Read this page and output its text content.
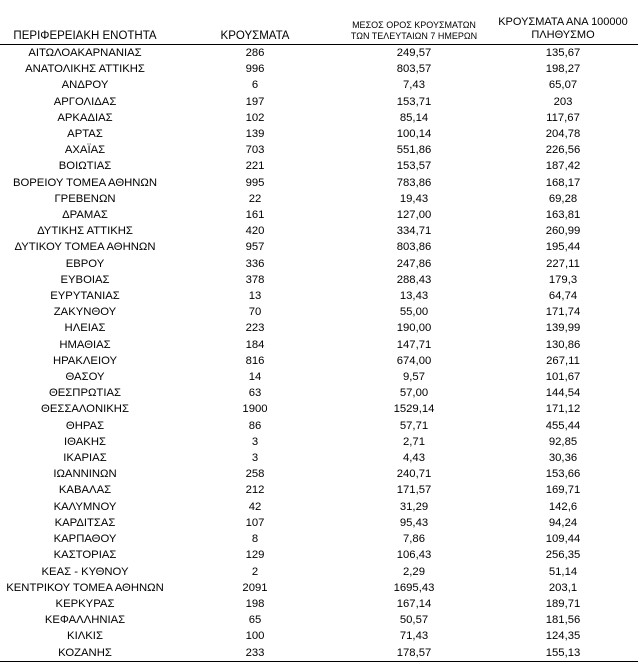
ΠΕΡΙΦΕΡΕΙΑΚΗ ΕΝΟΤΗΤΑ	ΚΡΟΥΣΜΑΤΑ	ΜΕΣΟΣ ΟΡΟΣ ΚΡΟΥΣΜΑΤΩΝ
ΤΩΝ ΤΕΛΕΥΤΑΙΩΝ 7 ΗΜΕΡΩΝ	ΚΡΟΥΣΜΑΤΑ ΑΝΑ 100000
ΠΛΗΘΥΣΜΟ

ΑΙΤΩΛΟΑΚΑΡΝΑΝΙΑΣ	286	249,57	135,67
ΑΝΑΤΟΛΙΚΗΣ ΑΤΤΙΚΗΣ	996	803,57	198,27
ΑΝΔΡΟΥ	6	7,43	65,07
ΑΡΓΟΛΙΔΑΣ	197	153,71	203
ΑΡΚΑΔΙΑΣ	102	85,14	117,67
ΑΡΤΑΣ	139	100,14	204,78
ΑΧΑΪΑΣ	703	551,86	226,56
ΒΟΙΩΤΙΑΣ	221	153,57	187,42
ΒΟΡΕΙΟΥ ΤΟΜΕΑ ΑΘΗΝΩΝ	995	783,86	168,17
ΓΡΕΒΕΝΩΝ	22	19,43	69,28
ΔΡΑΜΑΣ	161	127,00	163,81
ΔΥΤΙΚΗΣ ΑΤΤΙΚΗΣ	420	334,71	260,99
ΔΥΤΙΚΟΥ ΤΟΜΕΑ ΑΘΗΝΩΝ	957	803,86	195,44
ΕΒΡΟΥ	336	247,86	227,11
ΕΥΒΟΙΑΣ	378	288,43	179,3
ΕΥΡΥΤΑΝΙΑΣ	13	13,43	64,74
ΖΑΚΥΝΘΟΥ	70	55,00	171,74
ΗΛΕΙΑΣ	223	190,00	139,99
ΗΜΑΘΙΑΣ	184	147,71	130,86
ΗΡΑΚΛΕΙΟΥ	816	674,00	267,11
ΘΑΣΟΥ	14	9,57	101,67
ΘΕΣΠΡΩΤΙΑΣ	63	57,00	144,54
ΘΕΣΣΑΛΟΝΙΚΗΣ	1900	1529,14	171,12
ΘΗΡΑΣ	86	57,71	455,44
ΙΘΑΚΗΣ	3	2,71	92,85
ΙΚΑΡΙΑΣ	3	4,43	30,36
ΙΩΑΝΝΙΝΩΝ	258	240,71	153,66
ΚΑΒΑΛΑΣ	212	171,57	169,71
ΚΑΛΥΜΝΟΥ	42	31,29	142,6
ΚΑΡΔΙΤΣΑΣ	107	95,43	94,24
ΚΑΡΠΑΘΟΥ	8	7,86	109,44
ΚΑΣΤΟΡΙΑΣ	129	106,43	256,35
ΚΕΑΣ - ΚΥΘΝΟΥ	2	2,29	51,14
ΚΕΝΤΡΙΚΟΥ ΤΟΜΕΑ ΑΘΗΝΩΝ	2091	1695,43	203,1
ΚΕΡΚΥΡΑΣ	198	167,14	189,71
ΚΕΦΑΛΛΗΝΙΑΣ	65	50,57	181,56
ΚΙΛΚΙΣ	100	71,43	124,35
ΚΟΖΑΝΗΣ	233	178,57	155,13
